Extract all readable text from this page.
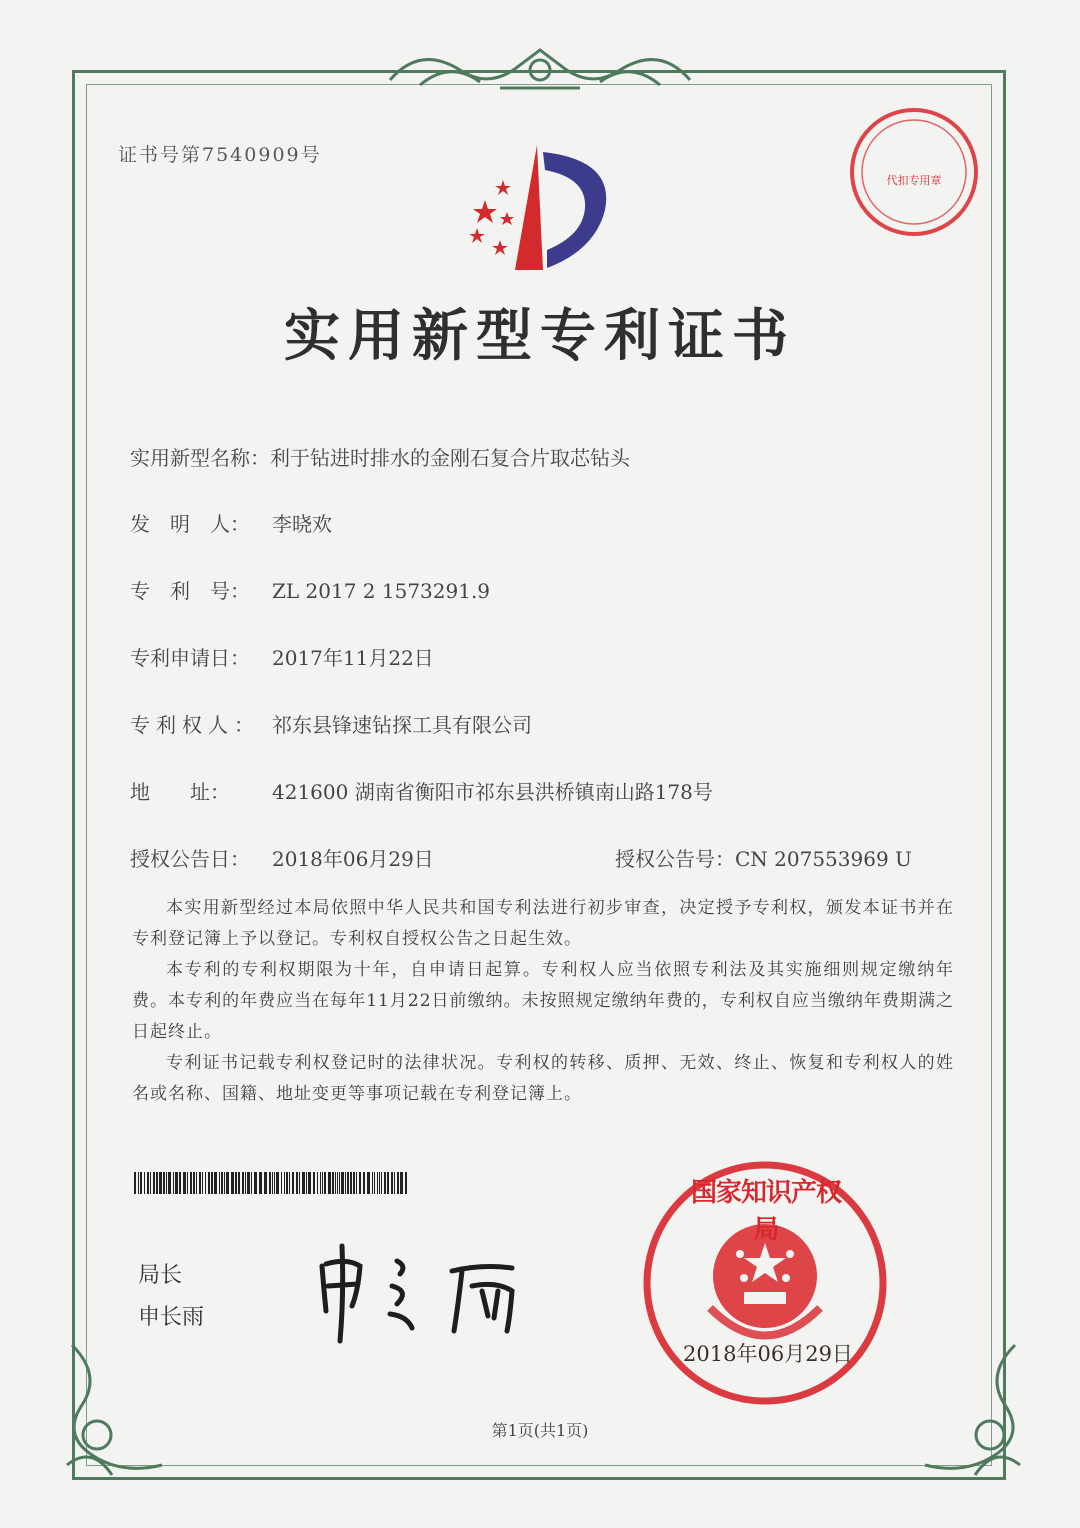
证书号第7540909号
代扣专用章
实用新型专利证书
实用新型名称：利于钻进时排水的金刚石复合片取芯钻头
发　明　人： 李晓欢
专　利　号： ZL 2017 2 1573291.9
专利申请日： 2017年11月22日
专利权人： 祁东县锋速钻探工具有限公司
地　　址： 421600 湖南省衡阳市祁东县洪桥镇南山路178号
授权公告日： 2018年06月29日	授权公告号：CN 207553969 U

本实用新型经过本局依照中华人民共和国专利法进行初步审查，决定授予专利权，颁发本证书并在专利登记簿上予以登记。专利权自授权公告之日起生效。

本专利的专利权期限为十年，自申请日起算。专利权人应当依照专利法及其实施细则规定缴纳年费。本专利的年费应当在每年11月22日前缴纳。未按照规定缴纳年费的，专利权自应当缴纳年费期满之日起终止。

专利证书记载专利权登记时的法律状况。专利权的转移、质押、无效、终止、恢复和专利权人的姓名或名称、国籍、地址变更等事项记载在专利登记簿上。

局长
申长雨
国家知识产权局
2018年06月29日
第1页(共1页)
